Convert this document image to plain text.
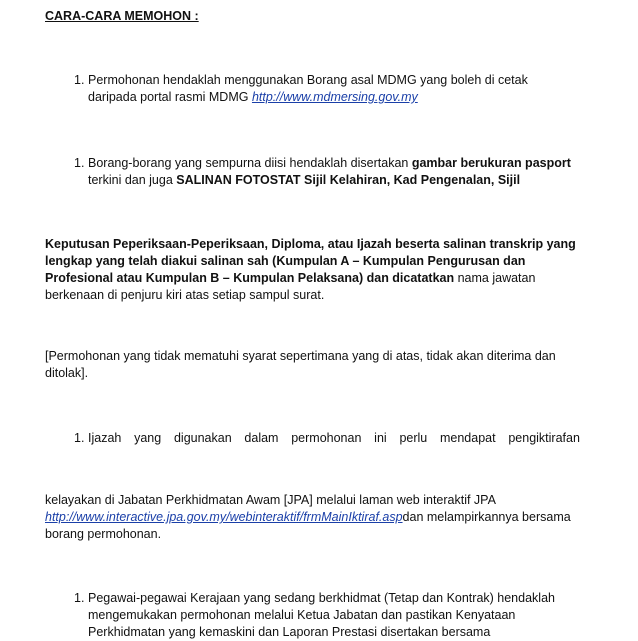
CARA-CARA MEMOHON :
1. Permohonan hendaklah menggunakan Borang asal MDMG yang boleh di cetak
daripada portal rasmi MDMG http://www.mdmersing.gov.my
1. Borang-borang yang sempurna diisi hendaklah disertakan gambar berukuran pasport
terkini dan juga SALINAN FOTOSTAT Sijil Kelahiran, Kad Pengenalan, Sijil
Keputusan Peperiksaan-Peperiksaan, Diploma, atau Ijazah beserta salinan transkrip yang
lengkap yang telah diakui salinan sah (Kumpulan A – Kumpulan Pengurusan dan
Profesional atau Kumpulan B – Kumpulan Pelaksana) dan dicatatkan nama jawatan
berkenaan di penjuru kiri atas setiap sampul surat.
[Permohonan yang tidak mematuhi syarat sepertimana yang di atas, tidak akan diterima dan
ditolak].
1. Ijazah yang digunakan dalam permohonan ini perlu mendapat pengiktirafan
kelayakan di Jabatan Perkhidmatan Awam [JPA] melalui laman web interaktif JPA
http://www.interactive.jpa.gov.my/webinteraktif/frmMainIktiraf.aspdan melampirkannya bersama
borang permohonan.
1. Pegawai-pegawai Kerajaan yang sedang berkhidmat (Tetap dan Kontrak) hendaklah
mengemukakan permohonan melalui Ketua Jabatan dan pastikan Kenyataan
Perkhidmatan yang kemaskini dan Laporan Prestasi disertakan bersama
